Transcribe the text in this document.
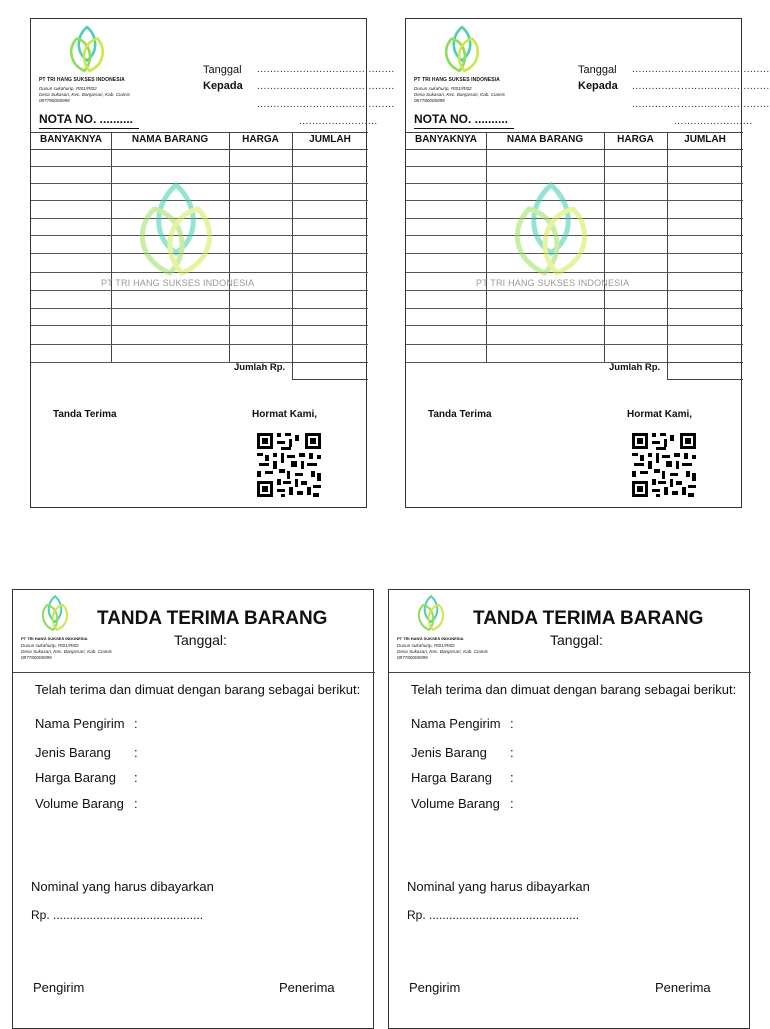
PT TRI HANG SUKSES INDONESIA
Dusun sukahurip, Rt01/Rt02
Desa Sukasari, Kec. Banjarsari, Kab. Ciamis
087780006998
Tanggal
Kepada
..........................................
..........................................
..........................................
........................
NOTA NO. ..........
BANYAKNYA	NAMA BARANG	HARGA	JUMLAH
PT TRI HANG SUKSES INDONESIA
Jumlah Rp.
Tanda Terima	Hormat Kami,
PT TRI HANG SUKSES INDONESIA
Dusun sukahurip, Rt01/Rt02
Desa Sukasari, Kec. Banjarsari, Kab. Ciamis
087780006998
Tanggal
Kepada
..........................................
..........................................
..........................................
........................
NOTA NO. ..........
BANYAKNYA	NAMA BARANG	HARGA	JUMLAH
PT TRI HANG SUKSES INDONESIA
Jumlah Rp.
Tanda Terima	Hormat Kami,
PT TRI HANG SUKSES INDONESIA
Dusun sukahurip, Rt01/Rt02
Desa Sukasari, Kec. Banjarsari, Kab. Ciamis
087780006998
TANDA TERIMA BARANG
Tanggal:
Telah terima dan dimuat dengan barang sebagai berikut:
Nama Pengirim :
Jenis Barang :
Harga Barang :
Volume Barang :
Nominal yang harus dibayarkan
Rp. .............................................
Pengirim	Penerima
PT TRI HANG SUKSES INDONESIA
Dusun sukahurip, Rt01/Rt02
Desa Sukasari, Kec. Banjarsari, Kab. Ciamis
087780006998
TANDA TERIMA BARANG
Tanggal:
Telah terima dan dimuat dengan barang sebagai berikut:
Nama Pengirim :
Jenis Barang :
Harga Barang :
Volume Barang :
Nominal yang harus dibayarkan
Rp. .............................................
Pengirim	Penerima
